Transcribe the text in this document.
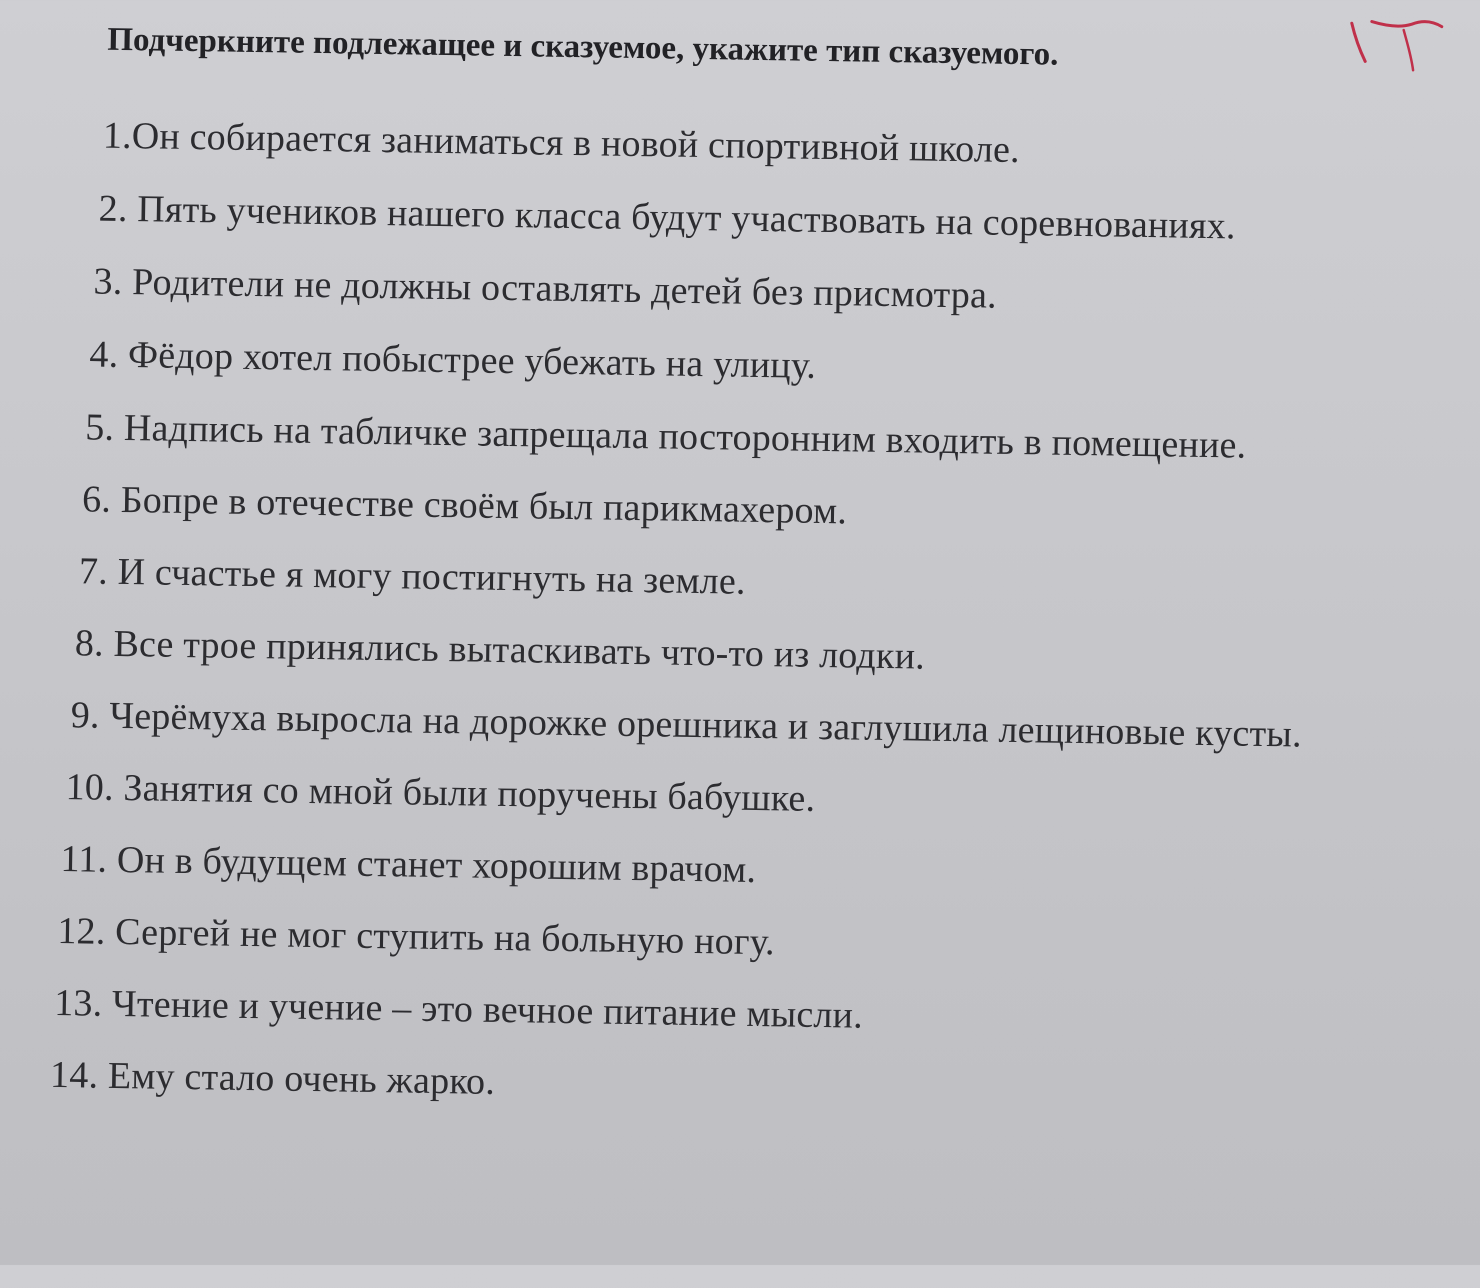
Подчеркните подлежащее и сказуемое, укажите тип сказуемого.
1.Он собирается заниматься в новой спортивной школе.
2. Пять учеников нашего класса будут участвовать на соревнованиях.
3. Родители не должны оставлять детей без присмотра.
4. Фёдор хотел побыстрее убежать на улицу.
5. Надпись на табличке запрещала посторонним входить в помещение.
6. Бопре в отечестве своём был парикмахером.
7. И счастье я могу постигнуть на земле.
8. Все трое принялись вытаскивать что-то из лодки.
9. Черёмуха выросла на дорожке орешника и заглушила лещиновые кусты.
10. Занятия со мной были поручены бабушке.
11. Он в будущем станет хорошим врачом.
12. Сергей не мог ступить на больную ногу.
13. Чтение и учение – это вечное питание мысли.
14. Ему стало очень жарко.
